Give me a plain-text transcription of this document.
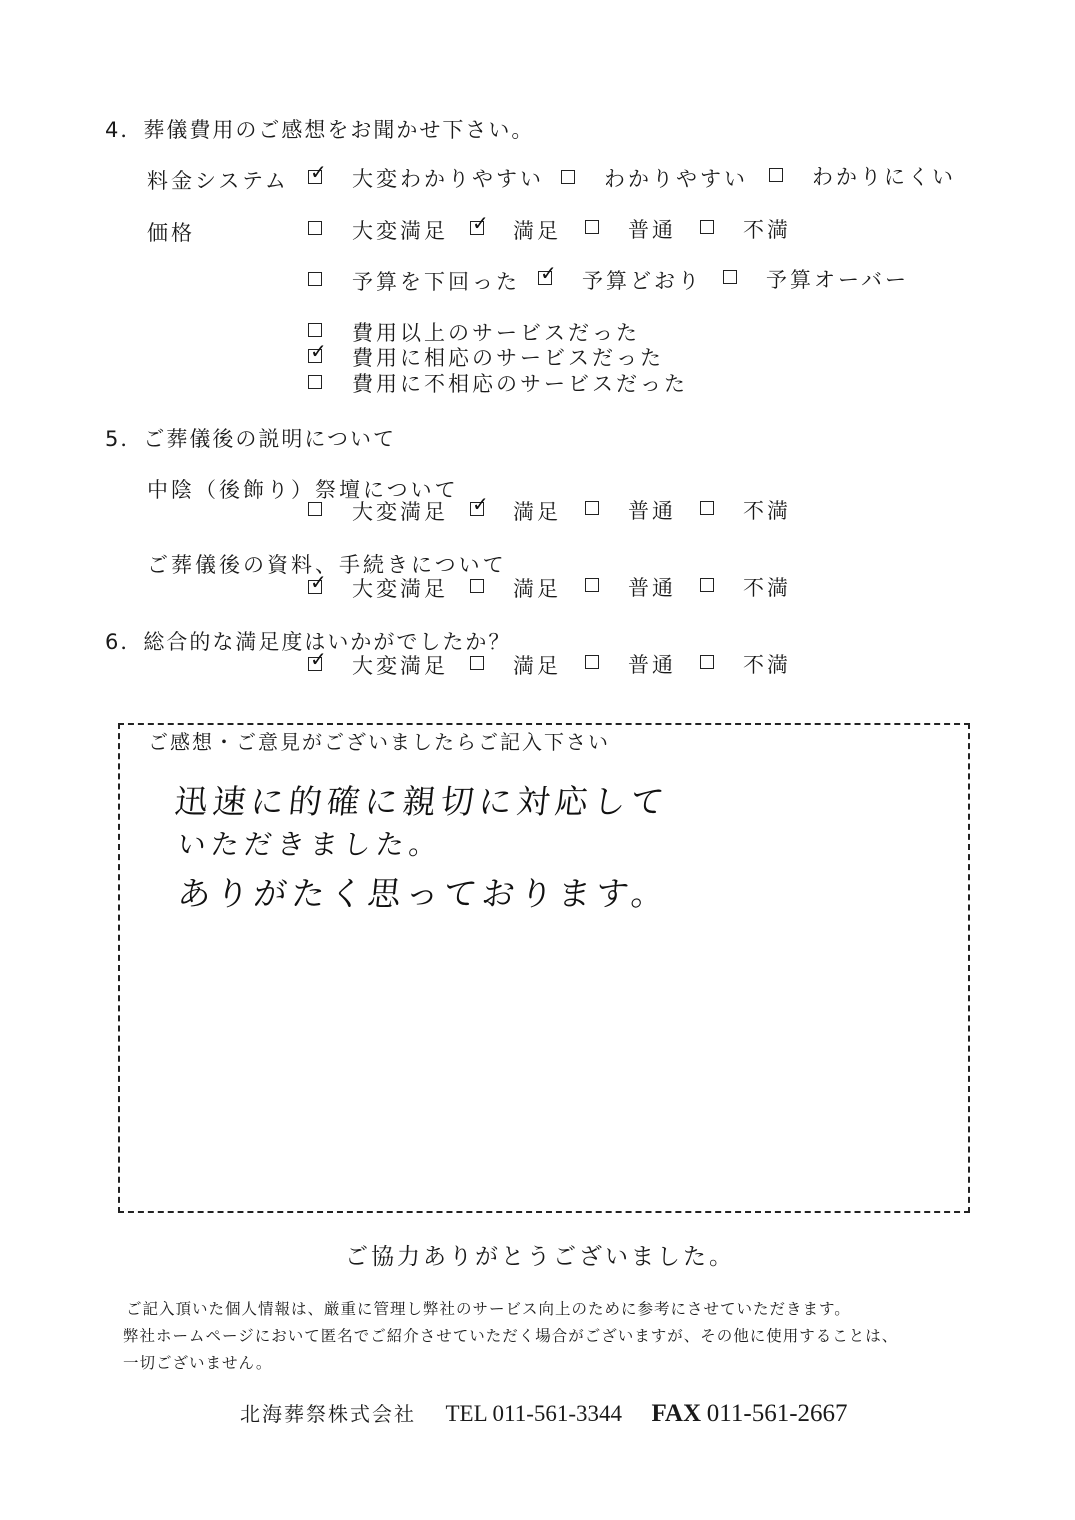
4．葬儀費用のご感想をお聞かせ下さい。
料金システム ✓ 大変わかりやすい	わかりやすい	わかりにくい
価格	大変満足 ✓ 満足	普通	不満
予算を下回った ✓ 予算どおり	予算オーバー
費用以上のサービスだった
✓ 費用に相応のサービスだった
費用に不相応のサービスだった
5．ご葬儀後の説明について
中陰（後飾り）祭壇について
大変満足 ✓ 満足	普通	不満
ご葬儀後の資料、手続きについて
✓ 大変満足	満足	普通	不満
6．総合的な満足度はいかがでしたか？
✓ 大変満足	満足	普通	不満
ご感想・ご意見がございましたらご記入下さい
迅速に的確に親切に対応して
いただきました。
ありがたく思っております。
ご協力ありがとうございました。
ご記入頂いた個人情報は、厳重に管理し弊社のサービス向上のために参考にさせていただきます。
弊社ホームページにおいて匿名でご紹介させていただく場合がございますが、その他に使用することは、
一切ございません。
北海葬祭株式会社 TEL 011-561-3344 FAX 011-561-2667
